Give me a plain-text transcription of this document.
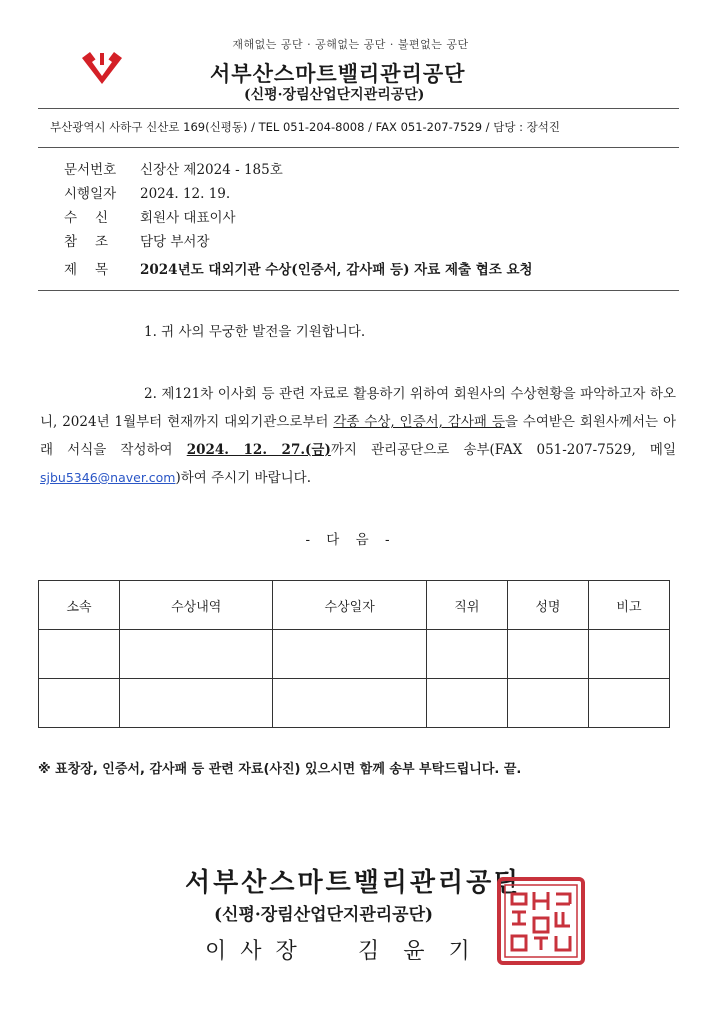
재해없는 공단 · 공해없는 공단 · 불편없는 공단
서부산스마트밸리관리공단
(신평·장림산업단지관리공단)
부산광역시 사하구 신산로 169(신평동) / TEL 051-204-8008 / FAX 051-207-7529 / 담당 : 장석진
문서번호 신장산 제2024 - 185호
시행일자 2024. 12. 19.
수신 회원사 대표이사
참조 담당 부서장
제목 2024년도 대외기관 수상(인증서, 감사패 등) 자료 제출 협조 요청
1. 귀 사의 무궁한 발전을 기원합니다.
2. 제121차 이사회 등 관련 자료로 활용하기 위하여 회원사의 수상현황을 파악하고자 하오니, 2024년 1월부터 현재까지 대외기관으로부터 각종 수상, 인증서, 감사패 등을 수여받은 회원사께서는 아래 서식을 작성하여 2024. 12. 27.(금)까지 관리공단으로 송부(FAX 051-207-7529, 메일 sjbu5346@naver.com)하여 주시기 바랍니다.
- 다 음 -
소속	수상내역	수상일자	직위	성명	비고

※ 표창장, 인증서, 감사패 등 관련 자료(사진) 있으시면 함께 송부 부탁드립니다. 끝.
서부산스마트밸리관리공단
(신평·장림산업단지관리공단)
이사장 김윤기
